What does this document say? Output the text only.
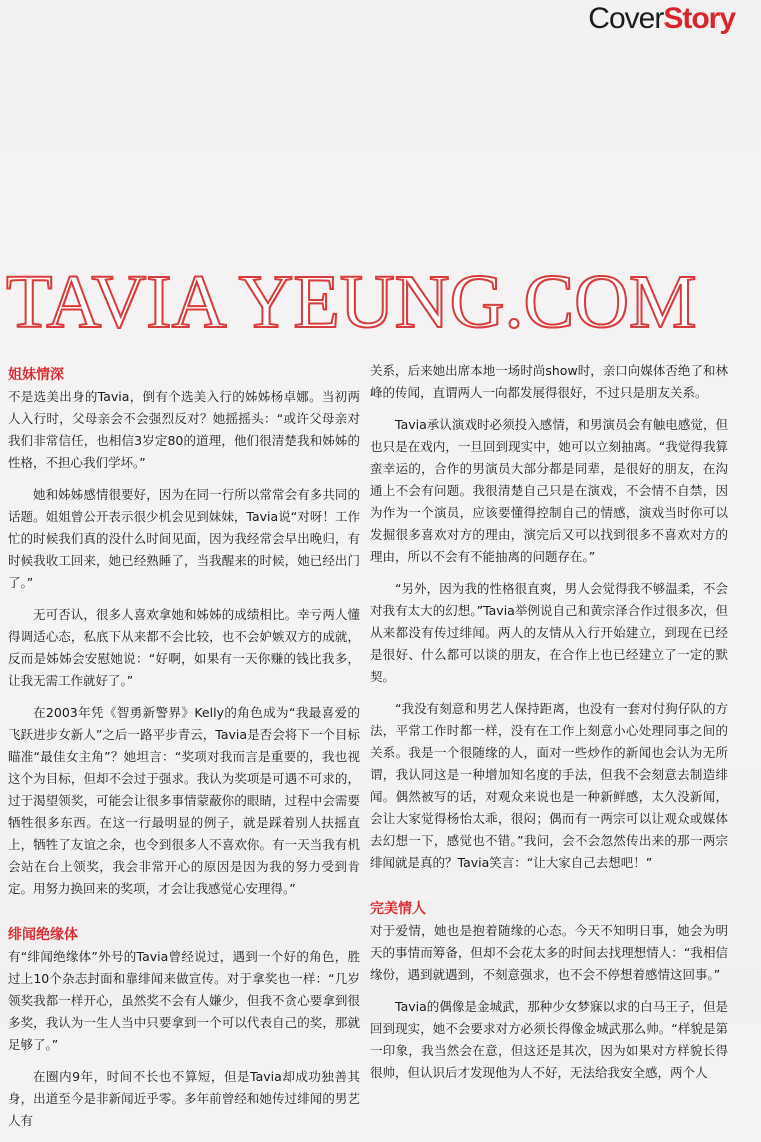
CoverStory
TAVIA YEUNG.COM
姐妹情深

不是选美出身的Tavia，倒有个选美入行的姊姊杨卓娜。当初两人入行时，父母亲会不会强烈反对？她摇摇头：“或许父母亲对我们非常信任，也相信3岁定80的道理，他们很清楚我和姊姊的性格，不担心我们学坏。”

她和姊姊感情很要好，因为在同一行所以常常会有多共同的话题。姐姐曾公开表示很少机会见到妹妹，Tavia说“对呀！工作忙的时候我们真的没什么时间见面，因为我经常会早出晚归，有时候我收工回来，她已经熟睡了，当我醒来的时候，她已经出门了。”

无可否认，很多人喜欢拿她和姊姊的成绩相比。幸亏两人懂得调适心态，私底下从来都不会比较，也不会妒嫉双方的成就，反而是姊姊会安慰她说：“好啊，如果有一天你赚的钱比我多，让我无需工作就好了。”

在2003年凭《智勇新警界》Kelly的角色成为“我最喜爱的飞跃进步女新人”之后一路平步青云，Tavia是否会将下一个目标瞄准“最佳女主角”？她坦言：“奖项对我而言是重要的，我也视这个为目标，但却不会过于强求。我认为奖项是可遇不可求的，过于渴望领奖，可能会让很多事情蒙蔽你的眼睛，过程中会需要牺牲很多东西。在这一行最明显的例子，就是踩着别人扶摇直上，牺牲了友谊之余，也令到很多人不喜欢你。有一天当我有机会站在台上领奖，我会非常开心的原因是因为我的努力受到肯定。用努力换回来的奖项，才会让我感觉心安理得。”

绯闻绝缘体

有“绯闻绝缘体”外号的Tavia曾经说过，遇到一个好的角色，胜过上10个杂志封面和靠绯闻来做宣传。对于拿奖也一样：“几岁领奖我都一样开心，虽然奖不会有人嫌少，但我不贪心要拿到很多奖，我认为一生人当中只要拿到一个可以代表自己的奖，那就足够了。”

在圈内9年，时间不长也不算短，但是Tavia却成功独善其身，出道至今是非新闻近乎零。多年前曾经和她传过绯闻的男艺人有

关系，后来她出席本地一场时尚show时，亲口向媒体否绝了和林峰的传闻，直谓两人一向都发展得很好，不过只是朋友关系。

Tavia承认演戏时必须投入感情，和男演员会有触电感觉，但也只是在戏内，一旦回到现实中，她可以立刻抽离。“我觉得我算蛮幸运的，合作的男演员大部分都是同辈，是很好的朋友，在沟通上不会有问题。我很清楚自己只是在演戏，不会情不自禁，因为作为一个演员，应该要懂得控制自己的情感，演戏当时你可以发掘很多喜欢对方的理由，演完后又可以找到很多不喜欢对方的理由，所以不会有不能抽离的问题存在。”

“另外，因为我的性格很直爽，男人会觉得我不够温柔，不会对我有太大的幻想。”Tavia举例说自己和黄宗泽合作过很多次，但从来都没有传过绯闻。两人的友情从入行开始建立，到现在已经是很好、什么都可以谈的朋友，在合作上也已经建立了一定的默契。

“我没有刻意和男艺人保持距离，也没有一套对付狗仔队的方法，平常工作时都一样，没有在工作上刻意小心处理同事之间的关系。我是一个很随缘的人，面对一些炒作的新闻也会认为无所谓，我认同这是一种增加知名度的手法，但我不会刻意去制造绯闻。偶然被写的话，对观众来说也是一种新鲜感，太久没新闻，会让大家觉得杨怡太乖，很闷；偶而有一两宗可以让观众或媒体去幻想一下，感觉也不错。”我问，会不会忽然传出来的那一两宗绯闻就是真的？Tavia笑言：“让大家自己去想吧！”

完美情人

对于爱情，她也是抱着随缘的心态。今天不知明日事，她会为明天的事情而筹备，但却不会花太多的时间去找理想情人：“我相信缘份，遇到就遇到，不刻意强求，也不会不停想着感情这回事。”

Tavia的偶像是金城武，那种少女梦寐以求的白马王子，但是回到现实，她不会要求对方必须长得像金城武那么帅。“样貌是第一印象，我当然会在意，但这还是其次，因为如果对方样貌长得很帅，但认识后才发现他为人不好，无法给我安全感，两个人
